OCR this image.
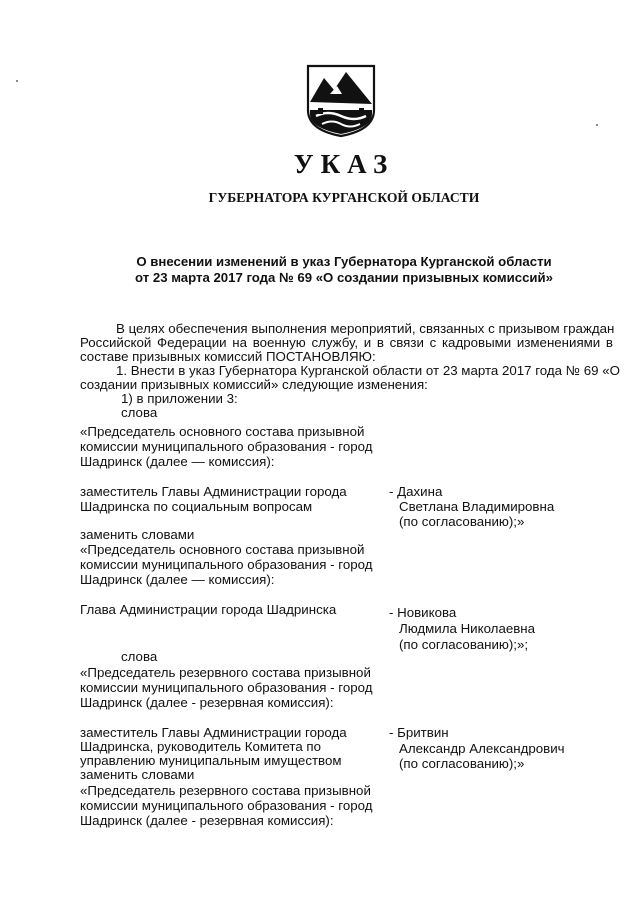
УКАЗ
ГУБЕРНАТОРА КУРГАНСКОЙ ОБЛАСТИ
О внесении изменений в указ Губернатора Курганской области
от 23 марта 2017 года № 69 «О создании призывных комиссий»
В целях обеспечения выполнения мероприятий, связанных с призывом граждан
Российской Федерации на военную службу, и в связи с кадровыми изменениями в
составе призывных комиссий ПОСТАНОВЛЯЮ:
1. Внести в указ Губернатора Курганской области от 23 марта 2017 года № 69 «О
создании призывных комиссий» следующие изменения:
1) в приложении 3:
слова
«Председатель основного состава призывной
комиссии муниципального образования - город
Шадринск (далее — комиссия):
заместитель Главы Администрации города
Шадринска по социальным вопросам
- Дахина
Светлана Владимировна
(по согласованию);»
заменить словами
«Председатель основного состава призывной
комиссии муниципального образования - город
Шадринск (далее — комиссия):
Глава Администрации города Шадринска	- Новикова
Людмила Николаевна
(по согласованию);»;
слова
«Председатель резервного состава призывной
комиссии муниципального образования - город
Шадринск (далее - резервная комиссия):
заместитель Главы Администрации города
Шадринска, руководитель Комитета по
управлению муниципальным имуществом
- Бритвин
Александр Александрович
(по согласованию);»
заменить словами
«Председатель резервного состава призывной
комиссии муниципального образования - город
Шадринск (далее - резервная комиссия):
